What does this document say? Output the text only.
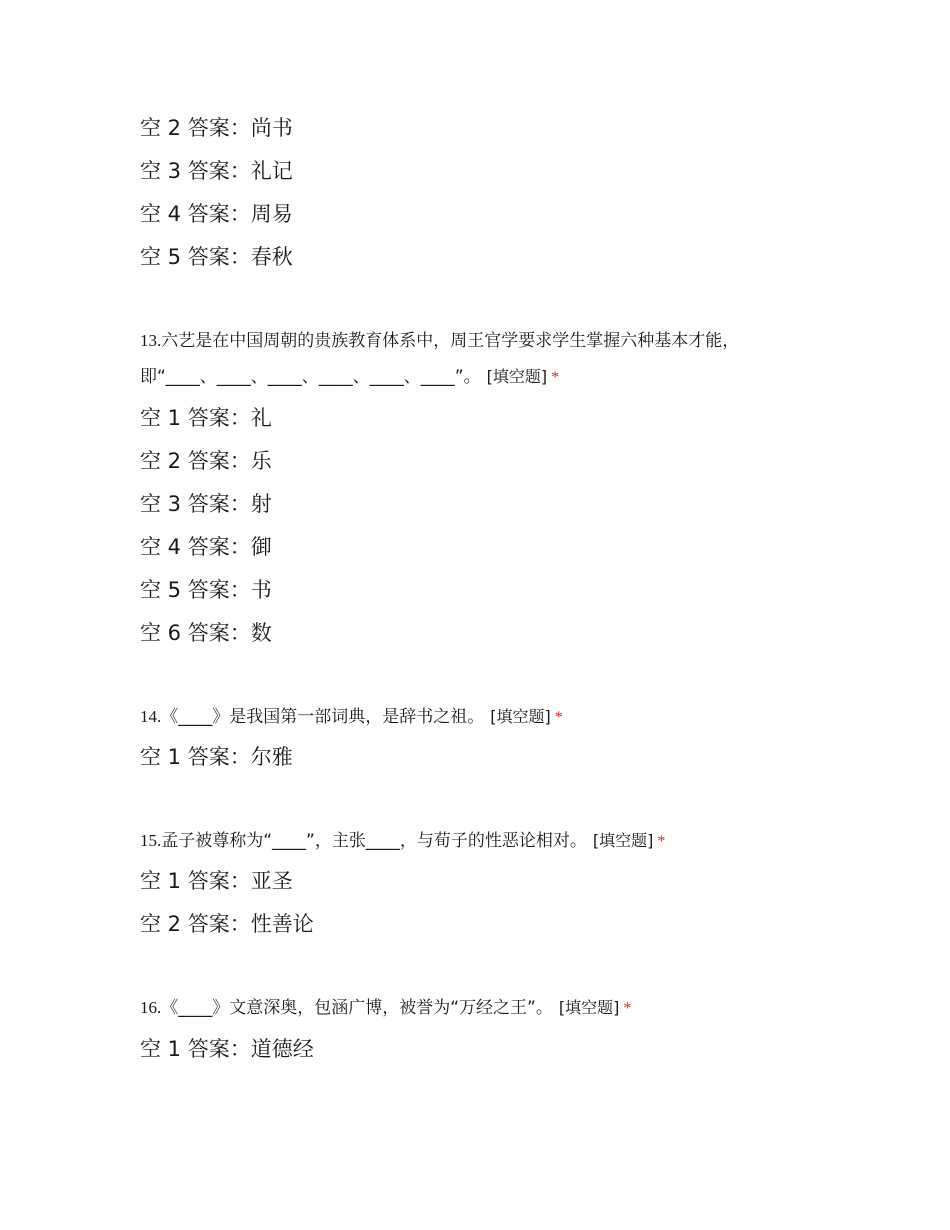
空 2 答案：尚书
空 3 答案：礼记
空 4 答案：周易
空 5 答案：春秋
13.六艺是在中国周朝的贵族教育体系中，周王官学要求学生掌握六种基本才能，
即“____、____、____、____、____、____”。 [填空题] *
空 1 答案：礼
空 2 答案：乐
空 3 答案：射
空 4 答案：御
空 5 答案：书
空 6 答案：数
14.《____》是我国第一部词典，是辞书之祖。 [填空题] *
空 1 答案：尔雅
15.孟子被尊称为“____”，主张____，与荀子的性恶论相对。 [填空题] *
空 1 答案：亚圣
空 2 答案：性善论
16.《____》文意深奥，包涵广博，被誉为“万经之王”。 [填空题] *
空 1 答案：道德经
